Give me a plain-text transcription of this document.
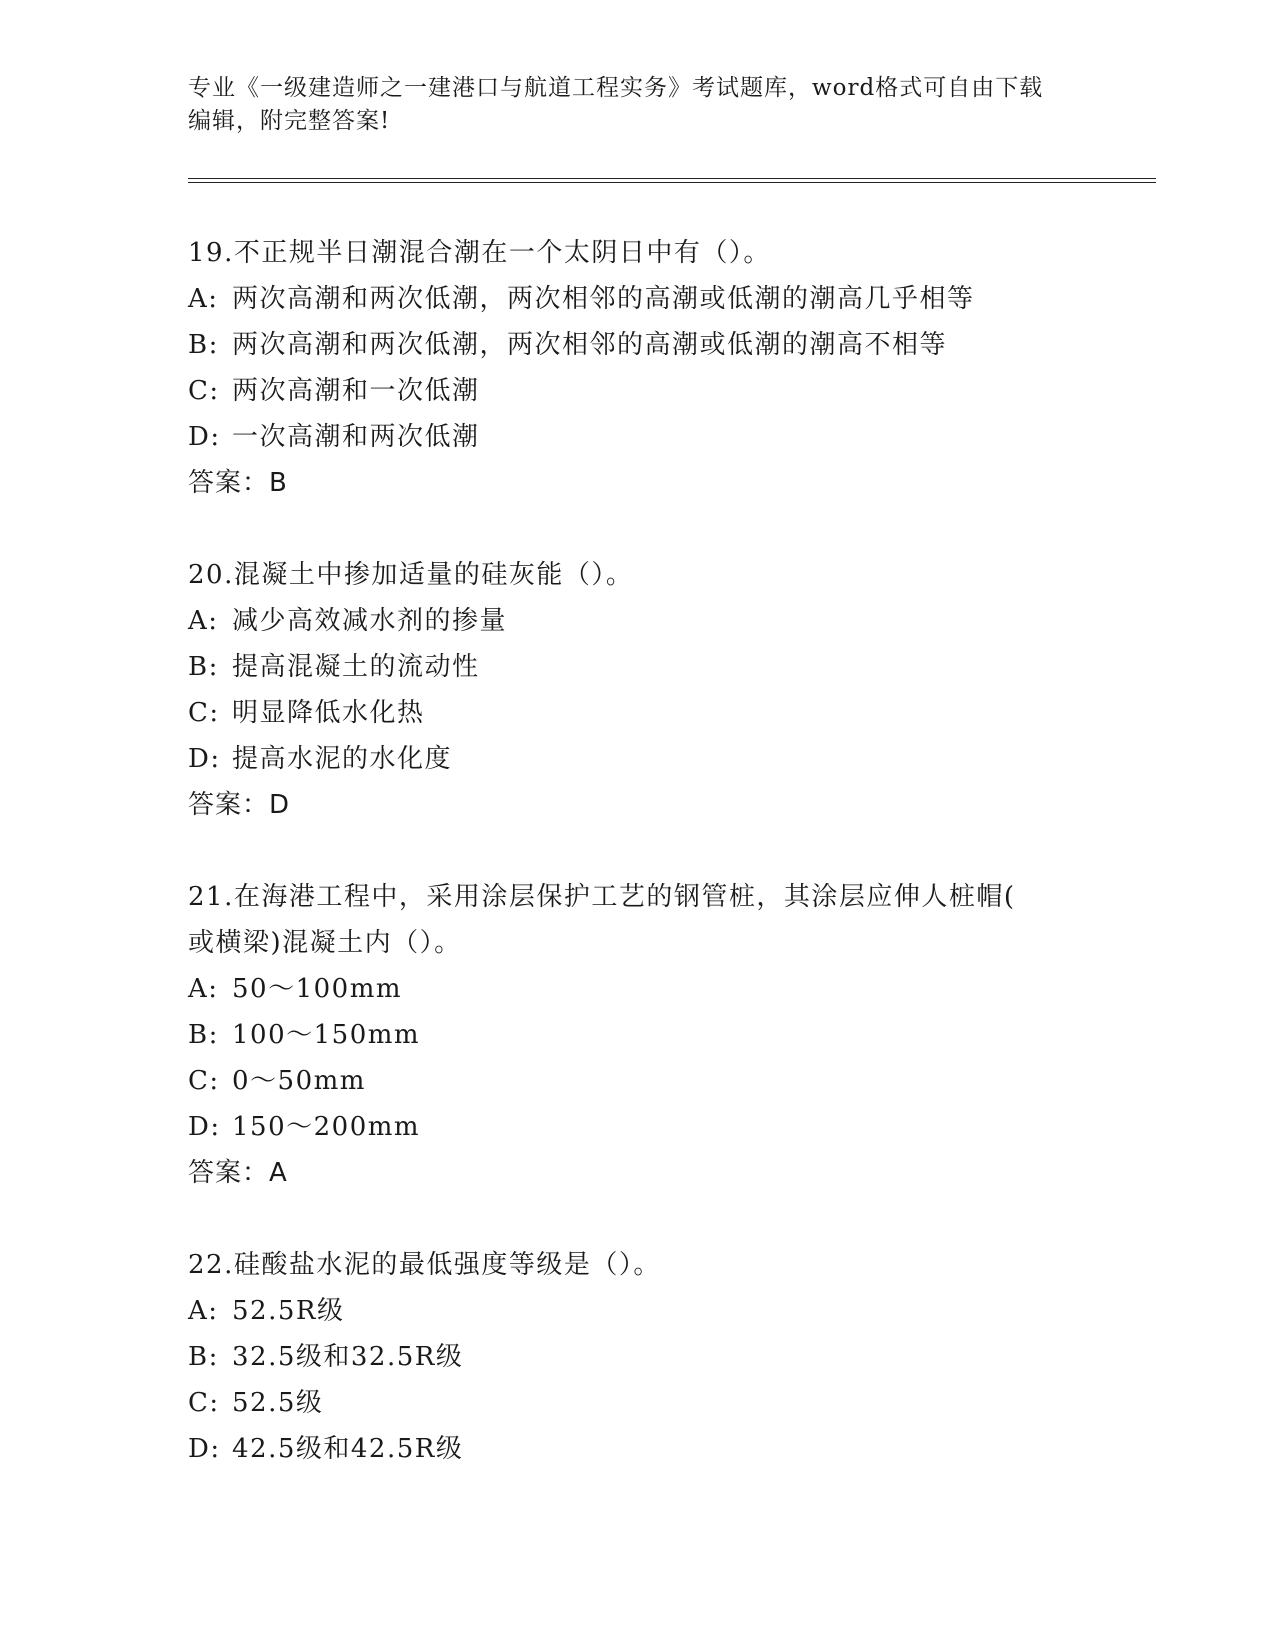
专业《一级建造师之一建港口与航道工程实务》考试题库，word格式可自由下载
编辑，附完整答案!
19.不正规半日潮混合潮在一个太阴日中有（）。
A: 两次高潮和两次低潮，两次相邻的高潮或低潮的潮高几乎相等
B: 两次高潮和两次低潮，两次相邻的高潮或低潮的潮高不相等
C: 两次高潮和一次低潮
D: 一次高潮和两次低潮
答案：B
20.混凝土中掺加适量的硅灰能（）。
A: 减少高效减水剂的掺量
B: 提高混凝土的流动性
C: 明显降低水化热
D: 提高水泥的水化度
答案：D
21.在海港工程中，采用涂层保护工艺的钢管桩，其涂层应伸人桩帽(
或横梁)混凝土内（）。
A: 50～100mm
B: 100～150mm
C: 0～50mm
D: 150～200mm
答案：A
22.硅酸盐水泥的最低强度等级是（）。
A: 52.5R级
B: 32.5级和32.5R级
C: 52.5级
D: 42.5级和42.5R级
